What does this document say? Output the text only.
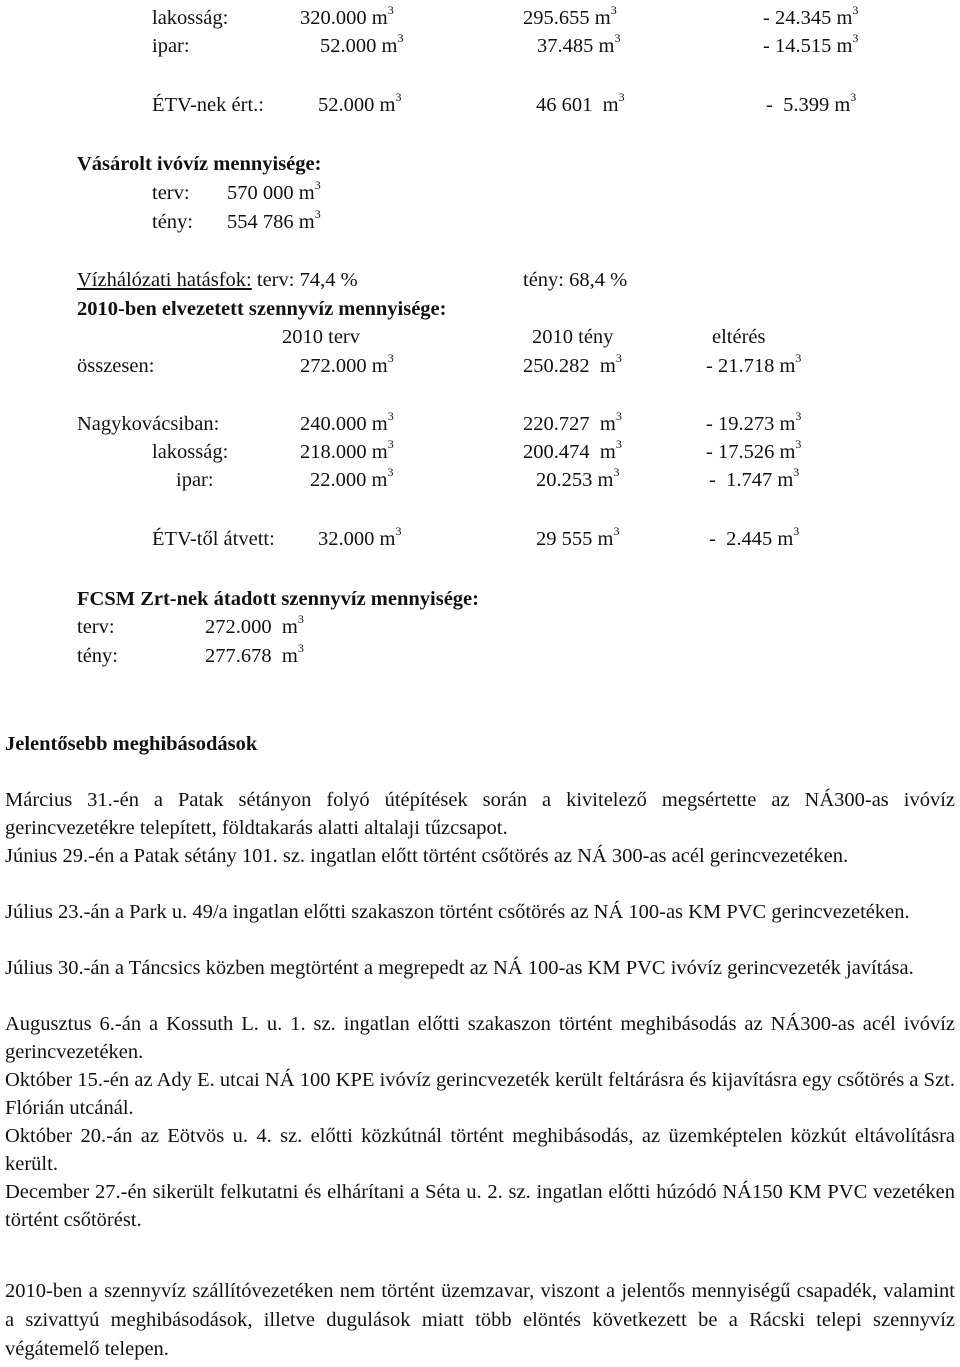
lakosság:	320.000 $m^3$	295.655 $m^3$	- 24.345 $m^3$
ipar:	52.000 $m^3$	37.485 $m^3$	- 14.515 $m^3$
ÉTV-nek ért.:	52.000 $m^3$	46 601 $m^3$	-  5.399 $m^3$
Vásárolt ivóvíz mennyisége:
terv: 570 000 $m^3$
tény: 554 786 $m^3$
Vízhálózati hatásfok: terv: 74,4 %	tény: 68,4 %
2010-ben elvezetett szennyvíz mennyisége:
2010 terv	2010 tény	eltérés
összesen:	272.000 $m^3$	250.282 $m^3$	- 21.718 $m^3$
Nagykovácsiban:	240.000 $m^3$	220.727 $m^3$	- 19.273 $m^3$
lakosság:	218.000 $m^3$	200.474 $m^3$	- 17.526 $m^3$
ipar:	22.000 $m^3$	20.253 $m^3$	-  1.747 $m^3$
ÉTV-től átvett: 32.000 $m^3$	29 555 $m^3$	-  2.445 $m^3$
FCSM Zrt-nek átadott szennyvíz mennyisége:
terv:	272.000 $m^3$
tény:	277.678 $m^3$
Jelentősebb meghibásodások
Március 31.-én a Patak sétányon folyó útépítések során a kivitelező megsértette az NÁ300-as ivóvíz gerincvezetékre telepített, földtakarás alatti altalaji tűzcsapot.
Június 29.-én a Patak sétány 101. sz. ingatlan előtt történt csőtörés az NÁ 300-as acél gerincvezetéken.
Július 23.-án a Park u. 49/a ingatlan előtti szakaszon történt csőtörés az NÁ 100-as KM PVC gerincvezetéken.
Július 30.-án a Táncsics közben megtörtént a megrepedt az NÁ 100-as KM PVC ivóvíz gerincvezeték javítása.
Augusztus 6.-án a Kossuth L. u. 1. sz. ingatlan előtti szakaszon történt meghibásodás az NÁ300-as acél ivóvíz gerincvezetéken.
Október 15.-én az Ady E. utcai NÁ 100 KPE ivóvíz gerincvezeték került feltárásra és kijavításra egy csőtörés a Szt. Flórián utcánál.
Október 20.-án az Eötvös u. 4. sz. előtti közkútnál történt meghibásodás, az üzemképtelen közkút eltávolításra került.
December 27.-én sikerült felkutatni és elhárítani a Séta u. 2. sz. ingatlan előtti húzódó NÁ150 KM PVC vezetéken történt csőtörést.
2010-ben a szennyvíz szállítóvezetéken nem történt üzemzavar, viszont a jelentős mennyiségű csapadék, valamint a szivattyú meghibásodások, illetve dugulások miatt több elöntés következett be a Rácski telepi szennyvíz végátemelő telepen.
